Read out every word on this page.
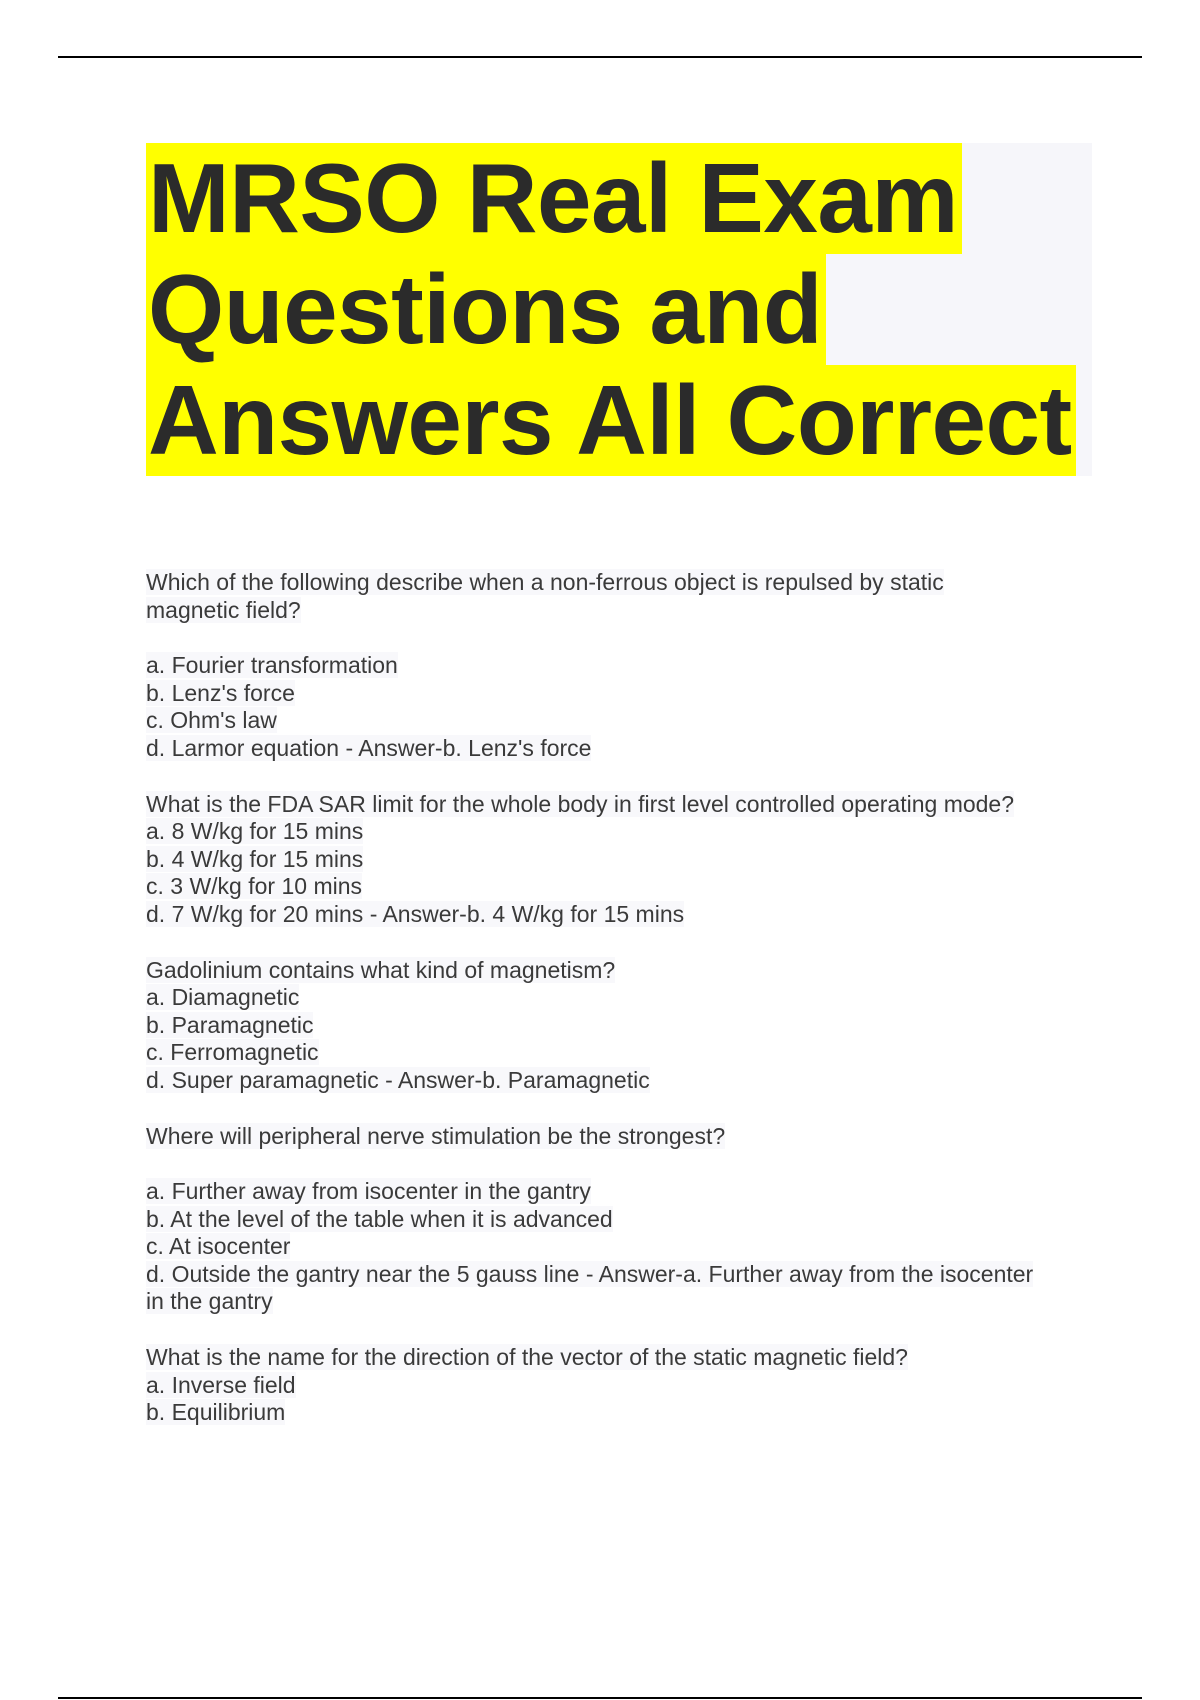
MRSO Real Exam
Questions and
Answers All Correct
Which of the following describe when a non-ferrous object is repulsed by static
magnetic field?
a. Fourier transformation
b. Lenz's force
c. Ohm's law
d. Larmor equation - Answer-b. Lenz's force
What is the FDA SAR limit for the whole body in first level controlled operating mode?
a. 8 W/kg for 15 mins
b. 4 W/kg for 15 mins
c. 3 W/kg for 10 mins
d. 7 W/kg for 20 mins - Answer-b. 4 W/kg for 15 mins
Gadolinium contains what kind of magnetism?
a. Diamagnetic
b. Paramagnetic
c. Ferromagnetic
d. Super paramagnetic - Answer-b. Paramagnetic
Where will peripheral nerve stimulation be the strongest?
a. Further away from isocenter in the gantry
b. At the level of the table when it is advanced
c. At isocenter
d. Outside the gantry near the 5 gauss line - Answer-a. Further away from the isocenter
in the gantry
What is the name for the direction of the vector of the static magnetic field?
a. Inverse field
b. Equilibrium
